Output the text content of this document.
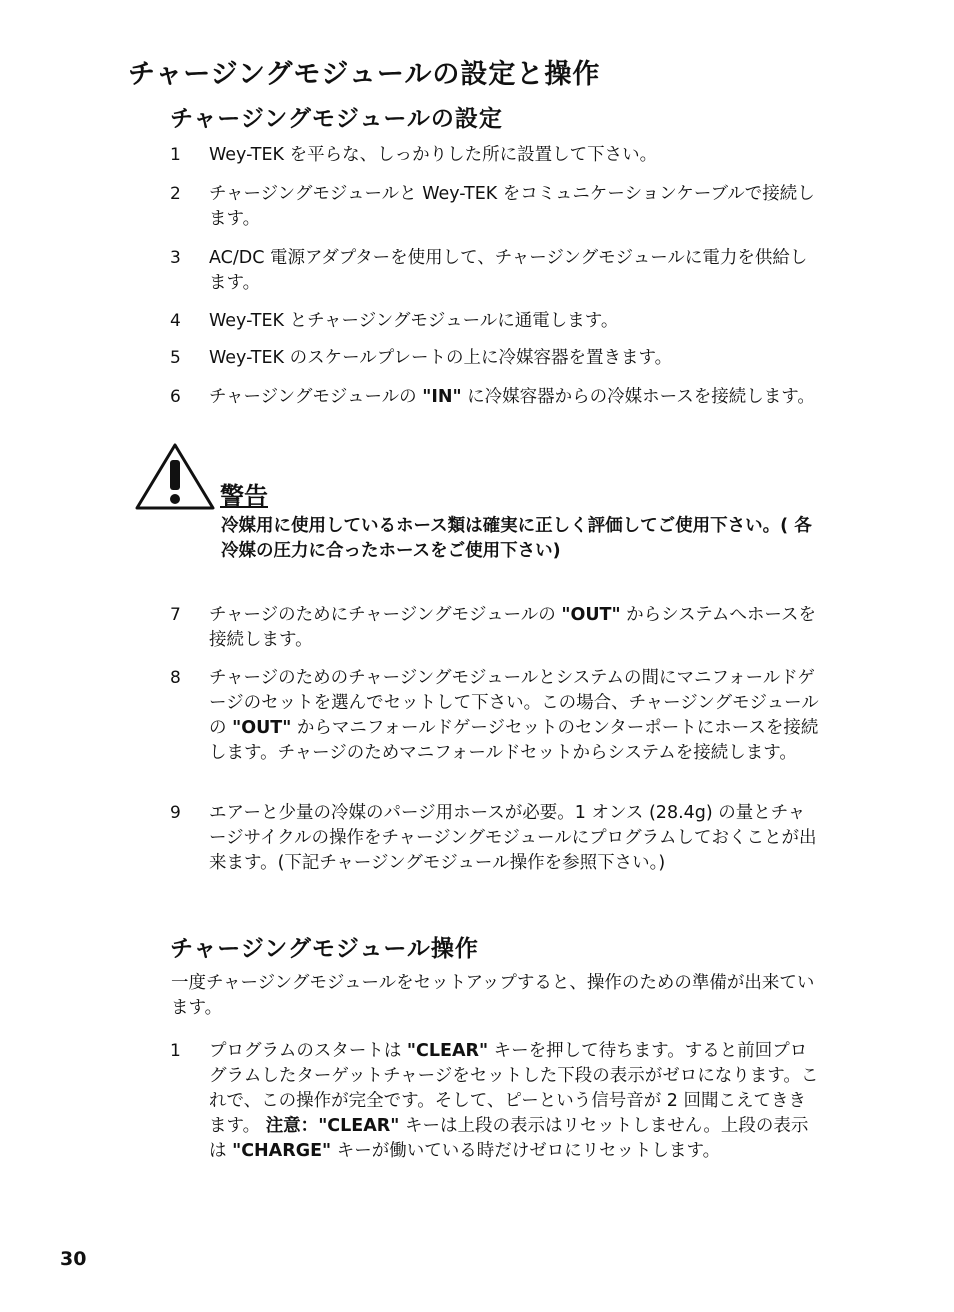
チャージングモジュールの設定と操作
チャージングモジュールの設定
1 Wey-TEK を平らな、しっかりした所に設置して下さい。
2 チャージングモジュールと Wey-TEK をコミュニケーションケーブルで接続します。
3 AC/DC 電源アダプターを使用して、チャージングモジュールに電力を供給します。
4 Wey-TEK とチャージングモジュールに通電します。
5 Wey-TEK のスケールプレートの上に冷媒容器を置きます。
6 チャージングモジュールの "IN" に冷媒容器からの冷媒ホースを接続します。
警告
冷媒用に使用しているホース類は確実に正しく評価してご使用下さい。( 各冷媒の圧力に合ったホースをご使用下さい)
7 チャージのためにチャージングモジュールの "OUT" からシステムへホースを接続します。
8 チャージのためのチャージングモジュールとシステムの間にマニフォールドゲージのセットを選んでセットして下さい。この場合、チャージングモジュールの "OUT" からマニフォールドゲージセットのセンターポートにホースを接続します。チャージのためマニフォールドセットからシステムを接続します。
9 エアーと少量の冷媒のパージ用ホースが必要。1 オンス (28.4g) の量とチャージサイクルの操作をチャージングモジュールにプログラムしておくことが出来ます。(下記チャージングモジュール操作を参照下さい。)
チャージングモジュール操作
一度チャージングモジュールをセットアップすると、操作のための準備が出来ています。
1 プログラムのスタートは "CLEAR" キーを押して待ちます。すると前回プログラムしたターゲットチャージをセットした下段の表示がゼロになります。これで、この操作が完全です。そして、ピーという信号音が 2 回聞こえてききます。 注意："CLEAR" キーは上段の表示はリセットしません。上段の表示は "CHARGE" キーが働いている時だけゼロにリセットします。
30
